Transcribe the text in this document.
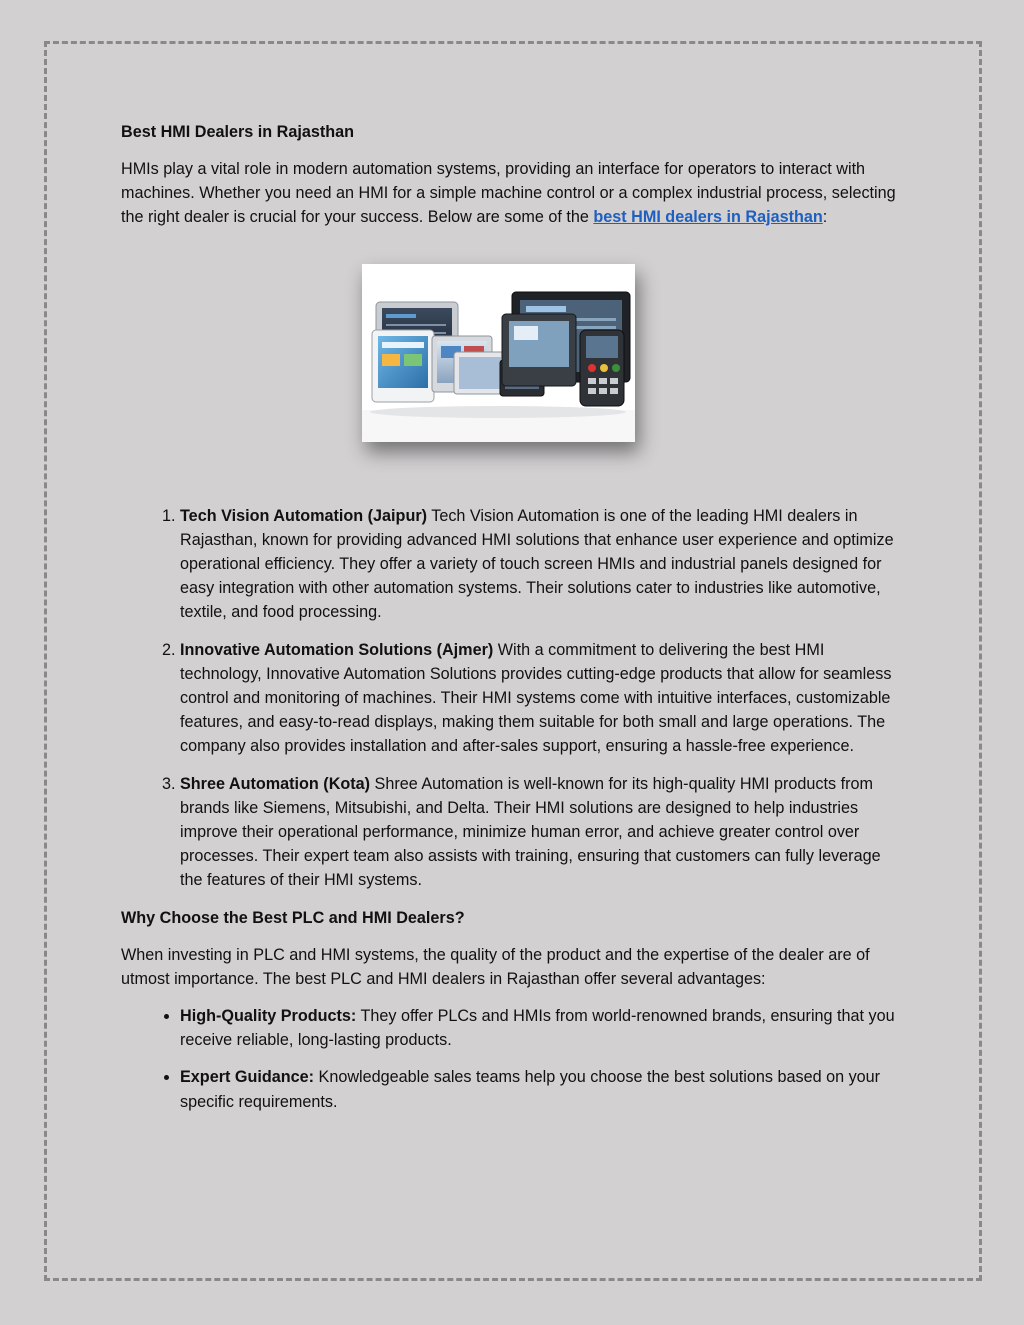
Best HMI Dealers in Rajasthan

HMIs play a vital role in modern automation systems, providing an interface for operators to interact with machines. Whether you need an HMI for a simple machine control or a complex industrial process, selecting the right dealer is crucial for your success. Below are some of the best HMI dealers in Rajasthan:

1. Tech Vision Automation (Jaipur) Tech Vision Automation is one of the leading HMI dealers in Rajasthan, known for providing advanced HMI solutions that enhance user experience and optimize operational efficiency. They offer a variety of touch screen HMIs and industrial panels designed for easy integration with other automation systems. Their solutions cater to industries like automotive, textile, and food processing.
2. Innovative Automation Solutions (Ajmer) With a commitment to delivering the best HMI technology, Innovative Automation Solutions provides cutting-edge products that allow for seamless control and monitoring of machines. Their HMI systems come with intuitive interfaces, customizable features, and easy-to-read displays, making them suitable for both small and large operations. The company also provides installation and after-sales support, ensuring a hassle-free experience.
3. Shree Automation (Kota) Shree Automation is well-known for its high-quality HMI products from brands like Siemens, Mitsubishi, and Delta. Their HMI solutions are designed to help industries improve their operational performance, minimize human error, and achieve greater control over processes. Their expert team also assists with training, ensuring that customers can fully leverage the features of their HMI systems.
Why Choose the Best PLC and HMI Dealers?

When investing in PLC and HMI systems, the quality of the product and the expertise of the dealer are of utmost importance. The best PLC and HMI dealers in Rajasthan offer several advantages:

• High-Quality Products: They offer PLCs and HMIs from world-renowned brands, ensuring that you receive reliable, long-lasting products.
• Expert Guidance: Knowledgeable sales teams help you choose the best solutions based on your specific requirements.
